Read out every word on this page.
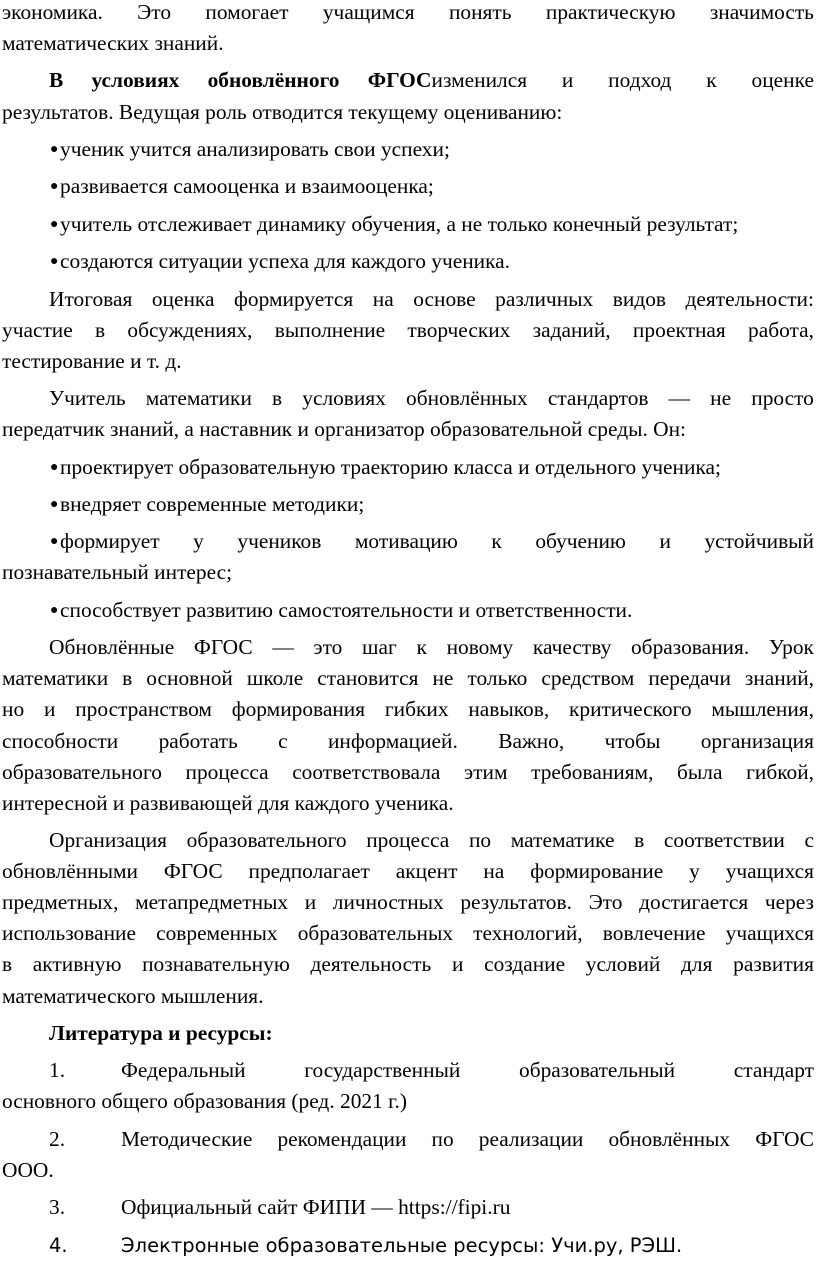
экономика. Это помогает учащимся понять практическую значимость
математических знаний.
В условиях обновлённого ФГОС изменился и подход к оценке
результатов. Ведущая роль отводится текущему оцениванию:
● ученик учится анализировать свои успехи;
● развивается самооценка и взаимооценка;
● учитель отслеживает динамику обучения, а не только конечный результат;
● создаются ситуации успеха для каждого ученика.
Итоговая оценка формируется на основе различных видов деятельности:
участие в обсуждениях, выполнение творческих заданий, проектная работа,
тестирование и т. д.
Учитель математики в условиях обновлённых стандартов — не просто
передатчик знаний, а наставник и организатор образовательной среды. Он:
● проектирует образовательную траекторию класса и отдельного ученика;
● внедряет современные методики;
● формирует у учеников мотивацию к обучению и устойчивый
познавательный интерес;
● способствует развитию самостоятельности и ответственности.
Обновлённые ФГОС — это шаг к новому качеству образования. Урок
математики в основной школе становится не только средством передачи знаний,
но и пространством формирования гибких навыков, критического мышления,
способности работать с информацией. Важно, чтобы организация
образовательного процесса соответствовала этим требованиям, была гибкой,
интересной и развивающей для каждого ученика.
Организация образовательного процесса по математике в соответствии с
обновлёнными ФГОС предполагает акцент на формирование у учащихся
предметных, метапредметных и личностных результатов. Это достигается через
использование современных образовательных технологий, вовлечение учащихся
в активную познавательную деятельность и создание условий для развития
математического мышления.
Литература и ресурсы:
1.	Федеральный	государственный	образовательный	стандарт
основного общего образования (ред. 2021 г.)
2.	Методические рекомендации по реализации обновлённых ФГОС
ООО.
3.	Официальный сайт ФИПИ — https://fipi.ru
4.	Электронные образовательные ресурсы: Учи.ру, РЭШ.
